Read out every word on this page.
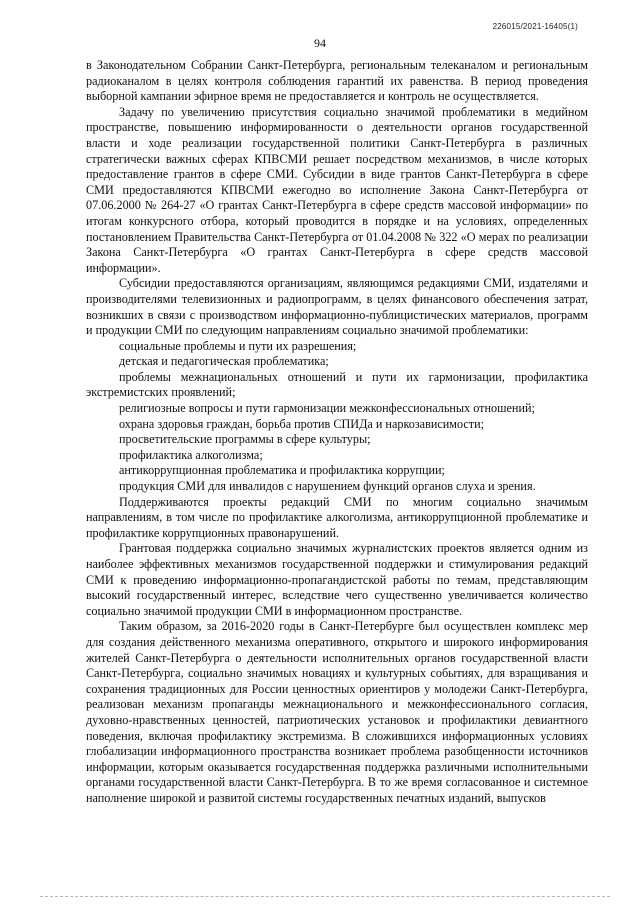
226015/2021-16405(1)
94

в Законодательном Собрании Санкт-Петербурга, региональным телеканалом и региональным радиоканалом в целях контроля соблюдения гарантий их равенства. В период проведения выборной кампании эфирное время не предоставляется и контроль не осуществляется.

Задачу по увеличению присутствия социально значимой проблематики в медийном пространстве, повышению информированности о деятельности органов государственной власти и ходе реализации государственной политики Санкт-Петербурга в различных стратегически важных сферах КПВСМИ решает посредством механизмов, в числе которых предоставление грантов в сфере СМИ. Субсидии в виде грантов Санкт-Петербурга в сфере СМИ предоставляются КПВСМИ ежегодно во исполнение Закона Санкт-Петербурга от 07.06.2000 № 264-27 «О грантах Санкт-Петербурга в сфере средств массовой информации» по итогам конкурсного отбора, который проводится в порядке и на условиях, определенных постановлением Правительства Санкт-Петербурга от 01.04.2008 № 322 «О мерах по реализации Закона Санкт-Петербурга «О грантах Санкт-Петербурга в сфере средств массовой информации».

Субсидии предоставляются организациям, являющимся редакциями СМИ, издателями и производителями телевизионных и радиопрограмм, в целях финансового обеспечения затрат, возникших в связи с производством информационно-публицистических материалов, программ и продукции СМИ по следующим направлениям социально значимой проблематики:

социальные проблемы и пути их разрешения;

детская и педагогическая проблематика;

проблемы межнациональных отношений и пути их гармонизации, профилактика экстремистских проявлений;

религиозные вопросы и пути гармонизации межконфессиональных отношений;

охрана здоровья граждан, борьба против СПИДа и наркозависимости;

просветительские программы в сфере культуры;

профилактика алкоголизма;

антикоррупционная проблематика и профилактика коррупции;

продукция СМИ для инвалидов с нарушением функций органов слуха и зрения.

Поддерживаются проекты редакций СМИ по многим социально значимым направлениям, в том числе по профилактике алкоголизма, антикоррупционной проблематике и профилактике коррупционных правонарушений.

Грантовая поддержка социально значимых журналистских проектов является одним из наиболее эффективных механизмов государственной поддержки и стимулирования редакций СМИ к проведению информационно-пропагандистской работы по темам, представляющим высокий государственный интерес, вследствие чего существенно увеличивается количество социально значимой продукции СМИ в информационном пространстве.

Таким образом, за 2016-2020 годы в Санкт-Петербурге был осуществлен комплекс мер для создания действенного механизма оперативного, открытого и широкого информирования жителей Санкт-Петербурга о деятельности исполнительных органов государственной власти Санкт-Петербурга, социально значимых новациях и культурных событиях, для взращивания и сохранения традиционных для России ценностных ориентиров у молодежи Санкт-Петербурга, реализован механизм пропаганды межнационального и межконфессионального согласия, духовно-нравственных ценностей, патриотических установок и профилактики девиантного поведения, включая профилактику экстремизма. В сложившихся информационных условиях глобализации информационного пространства возникает проблема разобщенности источников информации, которым оказывается государственная поддержка различными исполнительными органами государственной власти Санкт-Петербурга. В то же время согласованное и системное наполнение широкой и развитой системы государственных печатных изданий, выпусков
